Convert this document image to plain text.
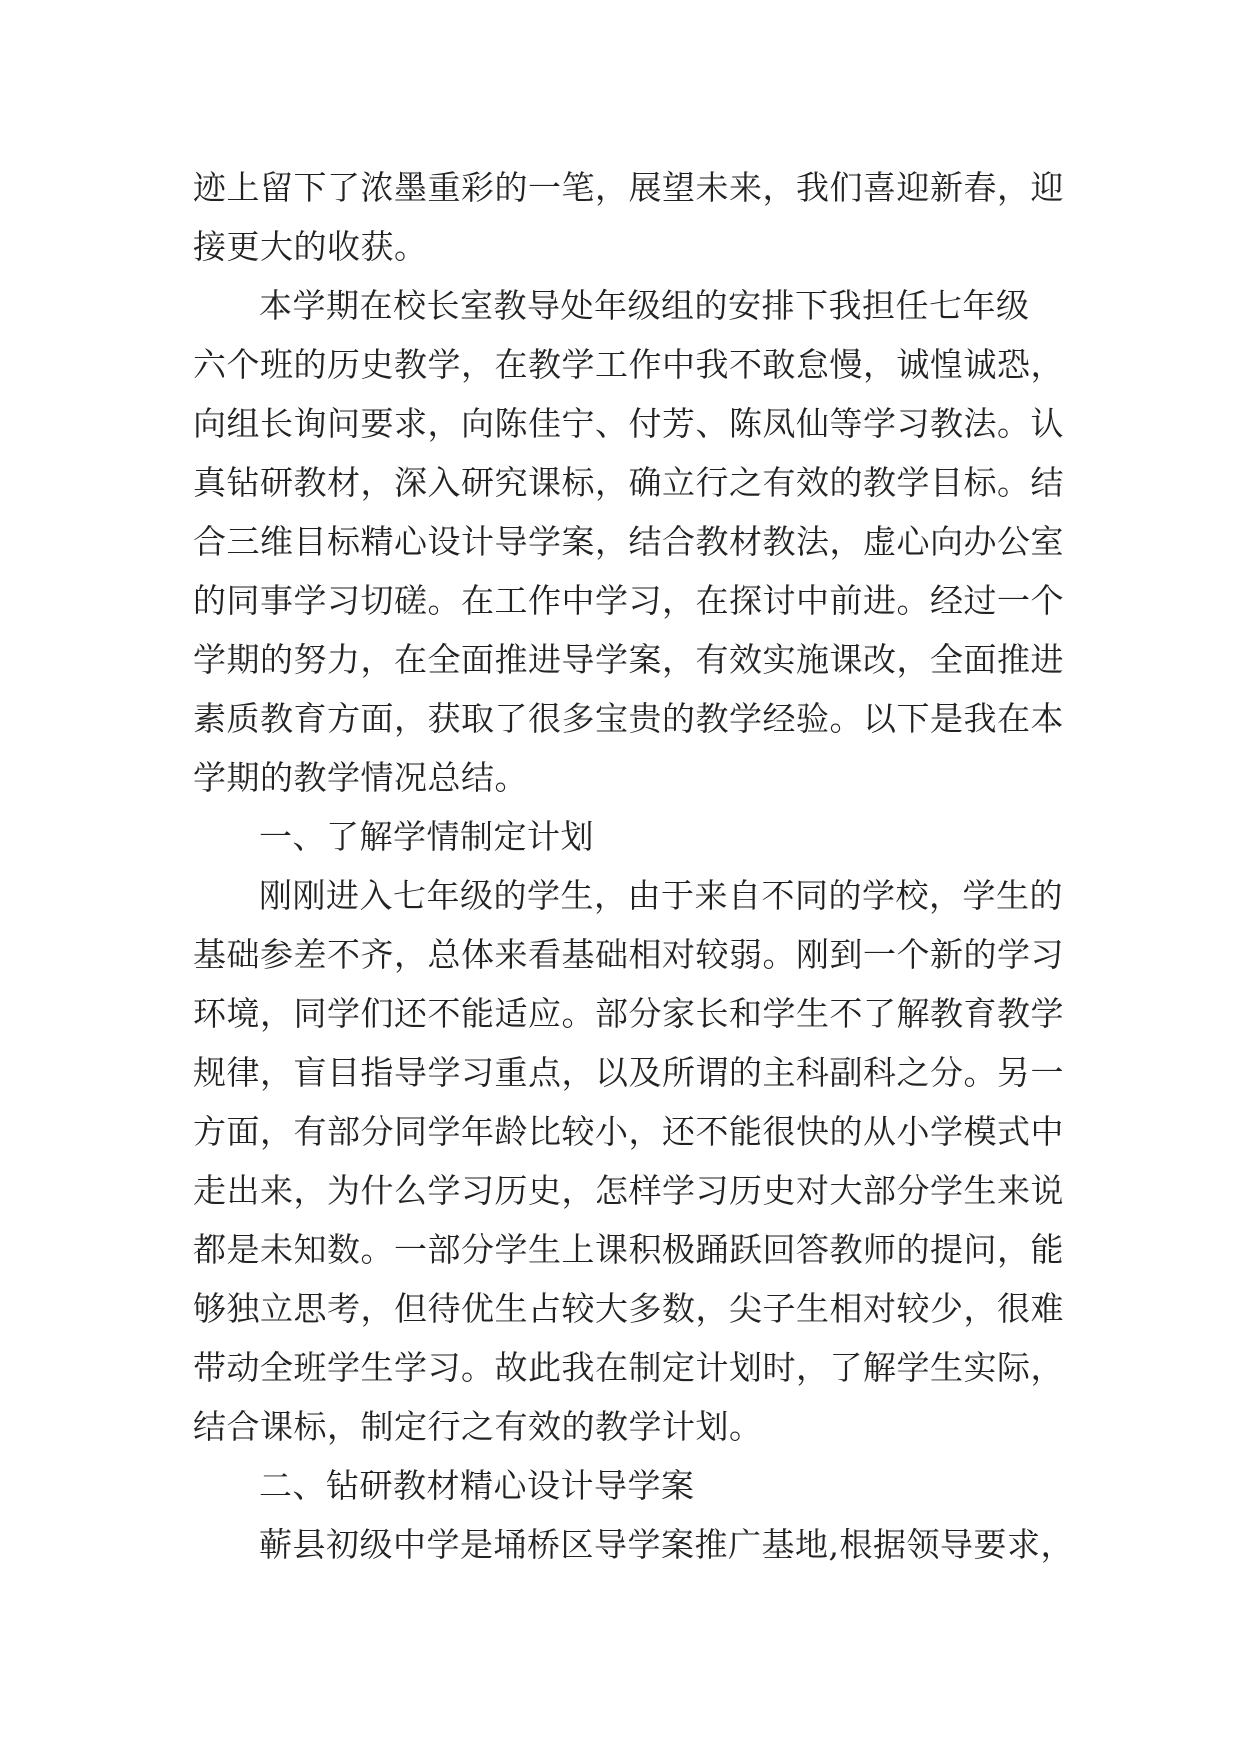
迹上留下了浓墨重彩的一笔，展望未来，我们喜迎新春，迎
接更大的收获。
本学期在校长室教导处年级组的安排下我担任七年级
六个班的历史教学，在教学工作中我不敢怠慢，诚惶诚恐，
向组长询问要求，向陈佳宁、付芳、陈凤仙等学习教法。认
真钻研教材，深入研究课标，确立行之有效的教学目标。结
合三维目标精心设计导学案，结合教材教法，虚心向办公室
的同事学习切磋。在工作中学习，在探讨中前进。经过一个
学期的努力，在全面推进导学案，有效实施课改，全面推进
素质教育方面，获取了很多宝贵的教学经验。以下是我在本
学期的教学情况总结。
一、了解学情制定计划
刚刚进入七年级的学生，由于来自不同的学校，学生的
基础参差不齐，总体来看基础相对较弱。刚到一个新的学习
环境，同学们还不能适应。部分家长和学生不了解教育教学
规律，盲目指导学习重点，以及所谓的主科副科之分。另一
方面，有部分同学年龄比较小，还不能很快的从小学模式中
走出来，为什么学习历史，怎样学习历史对大部分学生来说
都是未知数。一部分学生上课积极踊跃回答教师的提问，能
够独立思考，但待优生占较大多数，尖子生相对较少，很难
带动全班学生学习。故此我在制定计划时，了解学生实际，
结合课标，制定行之有效的教学计划。
二、钻研教材精心设计导学案
蕲县初级中学是埇桥区导学案推广基地,根据领导要求，
